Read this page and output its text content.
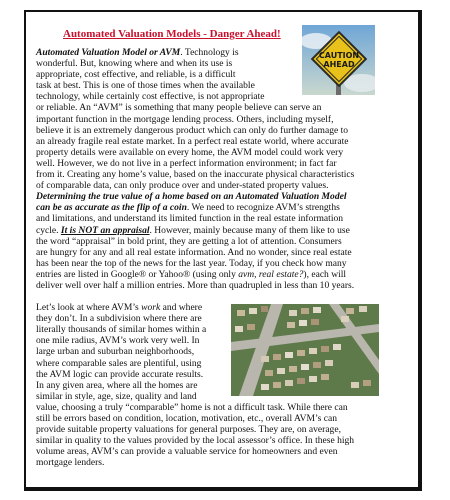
Automated Valuation Models - Danger Ahead!
CAUTION
AHEAD
Automated Valuation Model or AVM. Technology is
wonderful. But, knowing where and when its use is
appropriate, cost effective, and reliable, is a difficult
task at best. This is one of those times when the available
technology, while certainly cost effective, is not appropriate
or reliable. An “AVM” is something that many people believe can serve an
important function in the mortgage lending process. Others, including myself,
believe it is an extremely dangerous product which can only do further damage to
an already fragile real estate market. In a perfect real estate world, where accurate
property details were available on every home, the AVM model could work very
well. However, we do not live in a perfect information environment; in fact far
from it. Creating any home’s value, based on the inaccurate physical characteristics
of comparable data, can only produce over and under-stated property values.
Determining the true value of a home based on an Automated Valuation Model
can be as accurate as the flip of a coin. We need to recognize AVM’s strengths
and limitations, and understand its limited function in the real estate information
cycle. It is NOT an appraisal. However, mainly because many of them like to use
the word “appraisal” in bold print, they are getting a lot of attention. Consumers
are hungry for any and all real estate information. And no wonder, since real estate
has been near the top of the news for the last year. Today, if you check how many
entries are listed in Google® or Yahoo® (using only avm, real estate?), each will
deliver well over half a million entries. More than quadrupled in less than 10 years.
Let’s look at where AVM’s work and where
they don’t. In a subdivision where there are
literally thousands of similar homes within a
one mile radius, AVM’s work very well. In
large urban and suburban neighborhoods,
where comparable sales are plentiful, using
the AVM logic can provide accurate results.
In any given area, where all the homes are
similar in style, age, size, quality and land
value, choosing a truly “comparable” home is not a difficult task. While there can
still be errors based on condition, location, motivation, etc., overall AVM’s can
provide suitable property valuations for general purposes. They are, on average,
similar in quality to the values provided by the local assessor’s office. In these high
volume areas, AVM’s can provide a valuable service for homeowners and even
mortgage lenders.
